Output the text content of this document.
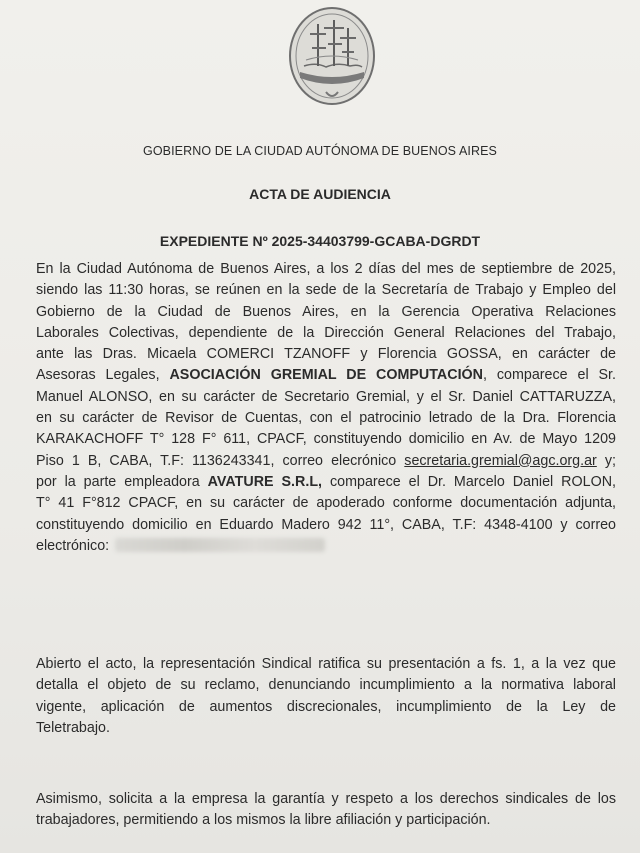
GOBIERNO DE LA CIUDAD AUTÓNOMA DE BUENOS AIRES
ACTA DE AUDIENCIA
EXPEDIENTE Nº 2025-34403799-GCABA-DGRDT
En la Ciudad Autónoma de Buenos Aires, a los 2 días del mes de septiembre de 2025,
siendo las 11:30 horas, se reúnen en la sede de la Secretaría de Trabajo y Empleo del
Gobierno de la Ciudad de Buenos Aires, en la Gerencia Operativa Relaciones
Laborales Colectivas, dependiente de la Dirección General Relaciones del Trabajo,
ante las Dras. Micaela COMERCI TZANOFF y Florencia GOSSA, en carácter de
Asesoras Legales, ASOCIACIÓN GREMIAL DE COMPUTACIÓN, comparece el Sr.
Manuel ALONSO, en su carácter de Secretario Gremial, y el Sr. Daniel CATTARUZZA,
en su carácter de Revisor de Cuentas, con el patrocinio letrado de la Dra. Florencia
KARAKACHOFF T° 128 F° 611, CPACF, constituyendo domicilio en Av. de Mayo 1209
Piso 1 B, CABA, T.F: 1136243341, correo elecrónico secretaria.gremial@agc.org.ar y;
por la parte empleadora AVATURE S.R.L, comparece el Dr. Marcelo Daniel ROLON,
T° 41 F°812 CPACF, en su carácter de apoderado conforme documentación adjunta,
constituyendo domicilio en Eduardo Madero 942 11°, CABA, T.F: 4348-4100 y correo
electrónico:
Abierto el acto, la representación Sindical ratifica su presentación a fs. 1, a la vez que
detalla el objeto de su reclamo, denunciando incumplimiento a la normativa laboral
vigente, aplicación de aumentos discrecionales, incumplimiento de la Ley de
Teletrabajo.
Asimismo, solicita a la empresa la garantía y respeto a los derechos sindicales de los
trabajadores, permitiendo a los mismos la libre afiliación y participación.
